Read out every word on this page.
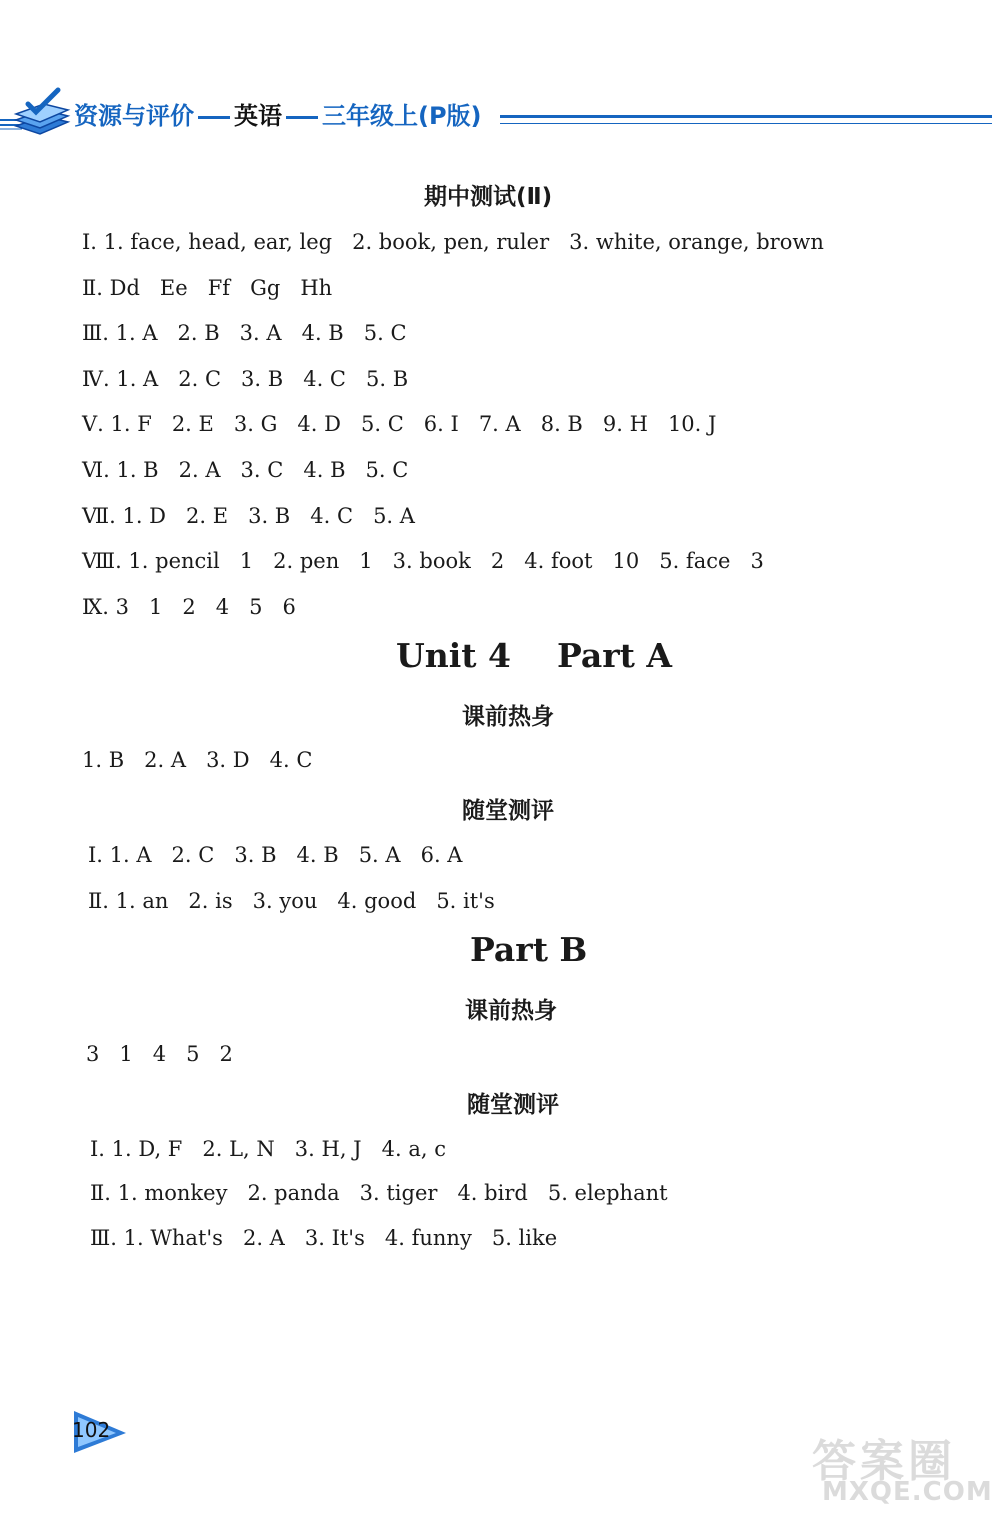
资源与评价 英语 三年级上(P版)
期中测试(Ⅱ)
Ⅰ. 1. face, head, ear, leg   2. book, pen, ruler   3. white, orange, brown
Ⅱ. Dd   Ee   Ff   Gg   Hh
Ⅲ. 1. A   2. B   3. A   4. B   5. C
Ⅳ. 1. A   2. C   3. B   4. C   5. B
Ⅴ. 1. F   2. E   3. G   4. D   5. C   6. I   7. A   8. B   9. H   10. J
Ⅵ. 1. B   2. A   3. C   4. B   5. C
Ⅶ. 1. D   2. E   3. B   4. C   5. A
Ⅷ. 1. pencil   1   2. pen   1   3. book   2   4. foot   10   5. face   3
Ⅸ. 3   1   2   4   5   6
Unit 4    Part A
课前热身
1. B   2. A   3. D   4. C
随堂测评
Ⅰ. 1. A   2. C   3. B   4. B   5. A   6. A
Ⅱ. 1. an   2. is   3. you   4. good   5. it's
Part B
课前热身
3   1   4   5   2
随堂测评
Ⅰ. 1. D, F   2. L, N   3. H, J   4. a, c
Ⅱ. 1. monkey   2. panda   3. tiger   4. bird   5. elephant
Ⅲ. 1. What's   2. A   3. It's   4. funny   5. like
102
答案圈
MXQE.COM
